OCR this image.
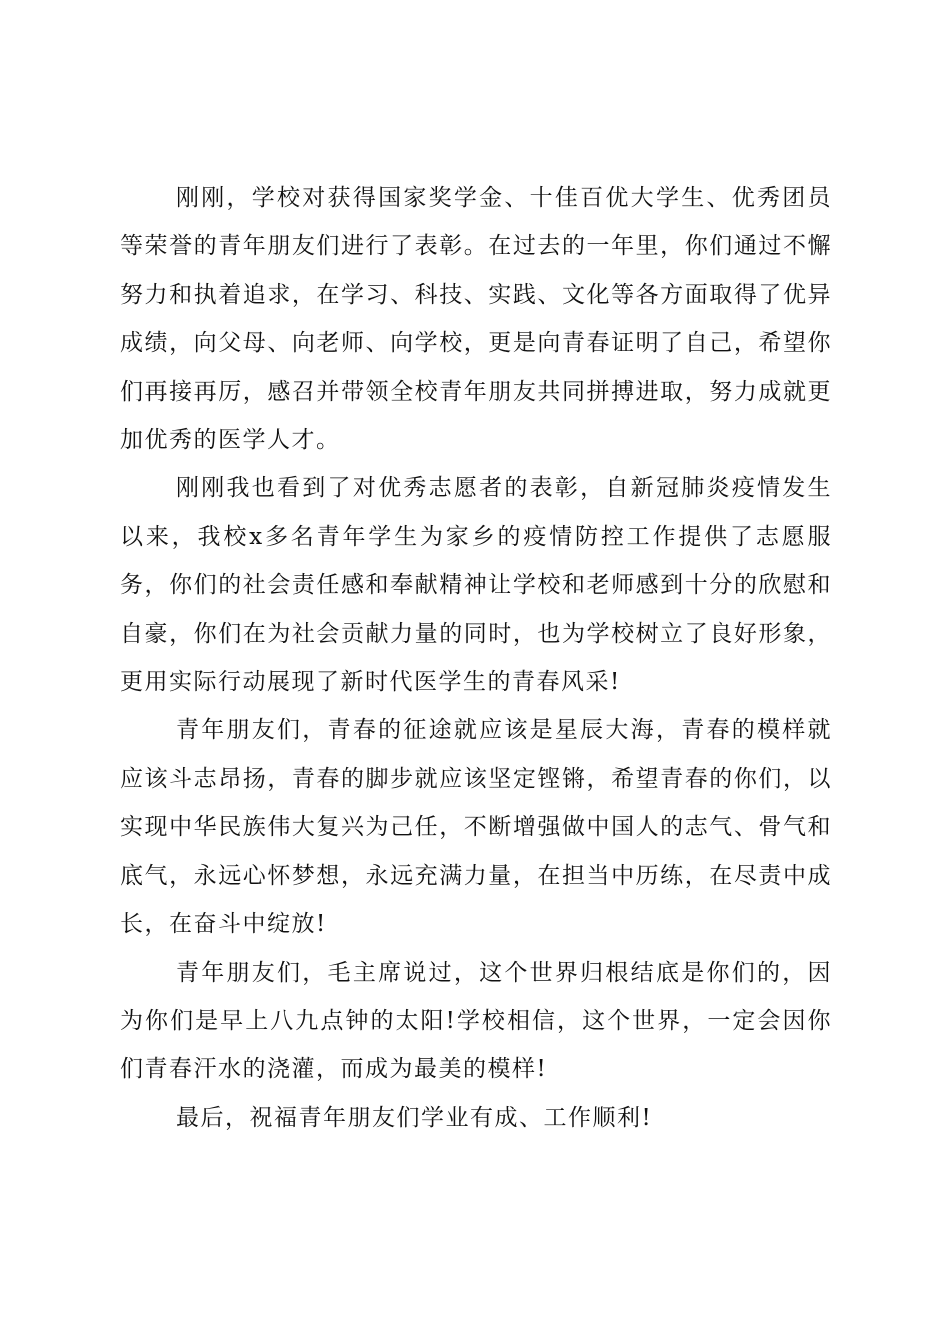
刚刚，学校对获得国家奖学金、十佳百优大学生、优秀团员等荣誉的青年朋友们进行了表彰。在过去的一年里，你们通过不懈努力和执着追求，在学习、科技、实践、文化等各方面取得了优异成绩，向父母、向老师、向学校，更是向青春证明了自己，希望你们再接再厉，感召并带领全校青年朋友共同拼搏进取，努力成就更加优秀的医学人才。

刚刚我也看到了对优秀志愿者的表彰，自新冠肺炎疫情发生以来，我校x多名青年学生为家乡的疫情防控工作提供了志愿服务，你们的社会责任感和奉献精神让学校和老师感到十分的欣慰和自豪，你们在为社会贡献力量的同时，也为学校树立了良好形象，更用实际行动展现了新时代医学生的青春风采!

青年朋友们，青春的征途就应该是星辰大海，青春的模样就应该斗志昂扬，青春的脚步就应该坚定铿锵，希望青春的你们，以实现中华民族伟大复兴为己任，不断增强做中国人的志气、骨气和底气，永远心怀梦想，永远充满力量，在担当中历练，在尽责中成长，在奋斗中绽放!

青年朋友们，毛主席说过，这个世界归根结底是你们的，因为你们是早上八九点钟的太阳!学校相信，这个世界，一定会因你们青春汗水的浇灌，而成为最美的模样!

最后，祝福青年朋友们学业有成、工作顺利!
